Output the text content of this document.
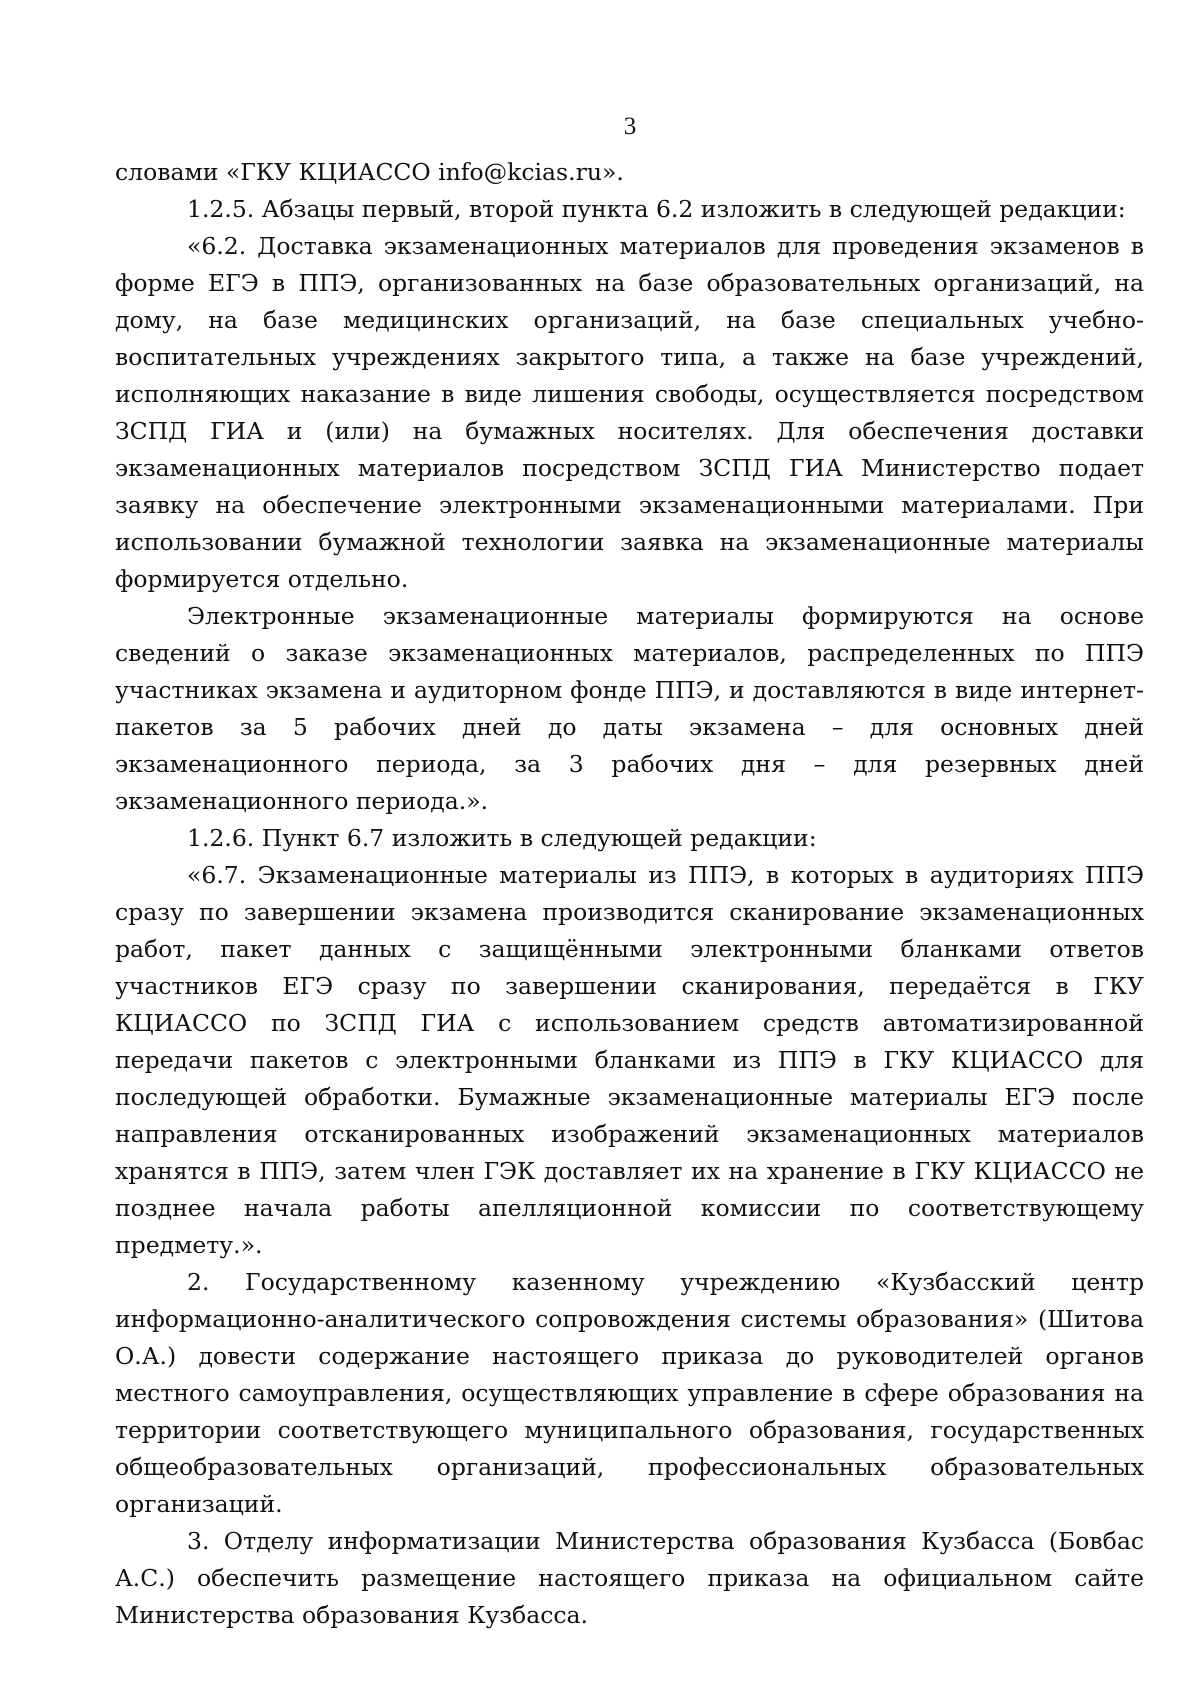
3

словами «ГКУ КЦИАССО info@kcias.ru».

1.2.5. Абзацы первый, второй пункта 6.2 изложить в следующей редакции:

«6.2. Доставка экзаменационных материалов для проведения экзаменов в форме ЕГЭ в ППЭ, организованных на базе образовательных организаций, на дому, на базе медицинских организаций, на базе специальных учебно-воспитательных учреждениях закрытого типа, а также на базе учреждений, исполняющих наказание в виде лишения свободы, осуществляется посредством ЗСПД ГИА и (или) на бумажных носителях. Для обеспечения доставки экзаменационных материалов посредством ЗСПД ГИА Министерство подает заявку на обеспечение электронными экзаменационными материалами. При использовании бумажной технологии заявка на экзаменационные материалы формируется отдельно.

Электронные экзаменационные материалы формируются на основе сведений о заказе экзаменационных материалов, распределенных по ППЭ участниках экзамена и аудиторном фонде ППЭ, и доставляются в виде интернет-пакетов за 5 рабочих дней до даты экзамена – для основных дней экзаменационного периода, за 3 рабочих дня – для резервных дней экзаменационного периода.».

1.2.6. Пункт 6.7 изложить в следующей редакции:

«6.7. Экзаменационные материалы из ППЭ, в которых в аудиториях ППЭ сразу по завершении экзамена производится сканирование экзаменационных работ, пакет данных с защищёнными электронными бланками ответов участников ЕГЭ сразу по завершении сканирования, передаётся в ГКУ КЦИАССО по ЗСПД ГИА с использованием средств автоматизированной передачи пакетов с электронными бланками из ППЭ в ГКУ КЦИАССО для последующей обработки. Бумажные экзаменационные материалы ЕГЭ после направления отсканированных изображений экзаменационных материалов хранятся в ППЭ, затем член ГЭК доставляет их на хранение в ГКУ КЦИАССО не позднее начала работы апелляционной комиссии по соответствующему предмету.».

2. Государственному казенному учреждению «Кузбасский центр информационно-аналитического сопровождения системы образования» (Шитова О.А.) довести содержание настоящего приказа до руководителей органов местного самоуправления, осуществляющих управление в сфере образования на территории соответствующего муниципального образования, государственных общеобразовательных организаций, профессиональных образовательных организаций.

3. Отделу информатизации Министерства образования Кузбасса (Бовбас А.С.) обеспечить размещение настоящего приказа на официальном сайте Министерства образования Кузбасса.
